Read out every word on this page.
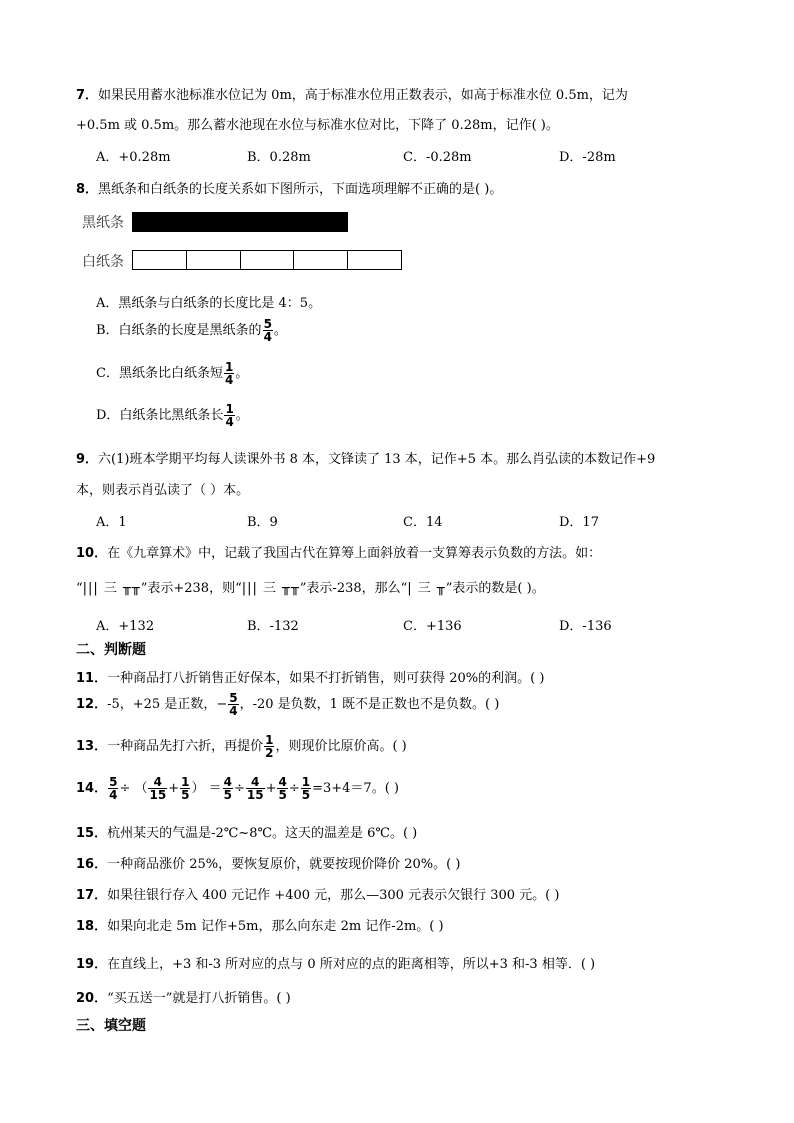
7．如果民用蓄水池标准水位记为 0m，高于标准水位用正数表示，如高于标准水位 0.5m，记为
+0.5m 或 0.5m。那么蓄水池现在水位与标准水位对比，下降了 0.28m，记作( )。
A．+0.28m	B．0.28m	C．-0.28m	D．-28m
8．黑纸条和白纸条的长度关系如下图所示，下面选项理解不正确的是( )。
黑纸条
白纸条
A．黑纸条与白纸条的长度比是 4：5。
B．白纸条的长度是黑纸条的 $\frac{5}{4}$ 。
C．黑纸条比白纸条短 $\frac{1}{4}$ 。
D．白纸条比黑纸条长 $\frac{1}{4}$ 。
9．六(1)班本学期平均每人读课外书 8 本，文锋读了 13 本，记作+5 本。那么肖弘读的本数记作+9
本，则表示肖弘读了（ ）本。
A．1	B．9	C．14	D．17
10．在《九章算术》中，记载了我国古代在算筹上面斜放着一支算筹表示负数的方法。如：
“||| 三 ╥╥”表示+238，则“||| 三 ╥╥”表示-238，那么“| 三 ╥”表示的数是( )。
A．+132	B．-132	C．+136	D．-136
二、判断题
11．一种商品打八折销售正好保本，如果不打折销售，则可获得 20%的利润。( )
12．-5，+25 是正数，− $\frac{5}{4}$ ，-20 是负数，1 既不是正数也不是负数。( )
13．一种商品先打六折，再提价 $\frac{1}{2}$ ，则现价比原价高。( )
14． $\frac{5}{4}$ ÷ （ $\frac{4}{15} + \frac{1}{5}$ ） ＝ $\frac{4}{5} \div \frac{4}{15} + \frac{4}{5} \div \frac{1}{5} =3+4=7$。( )
15．杭州某天的气温是-2℃~8℃。这天的温差是 6℃。( )
16．一种商品涨价 25%，要恢复原价，就要按现价降价 20%。( )
17．如果往银行存入 400 元记作 +400 元，那么—300 元表示欠银行 300 元。( )
18．如果向北走 5m 记作+5m，那么向东走 2m 记作-2m。( )
19．在直线上，+3 和-3 所对应的点与 0 所对应的点的距离相等，所以+3 和-3 相等．( )
20．“买五送一”就是打八折销售。( )
三、填空题
